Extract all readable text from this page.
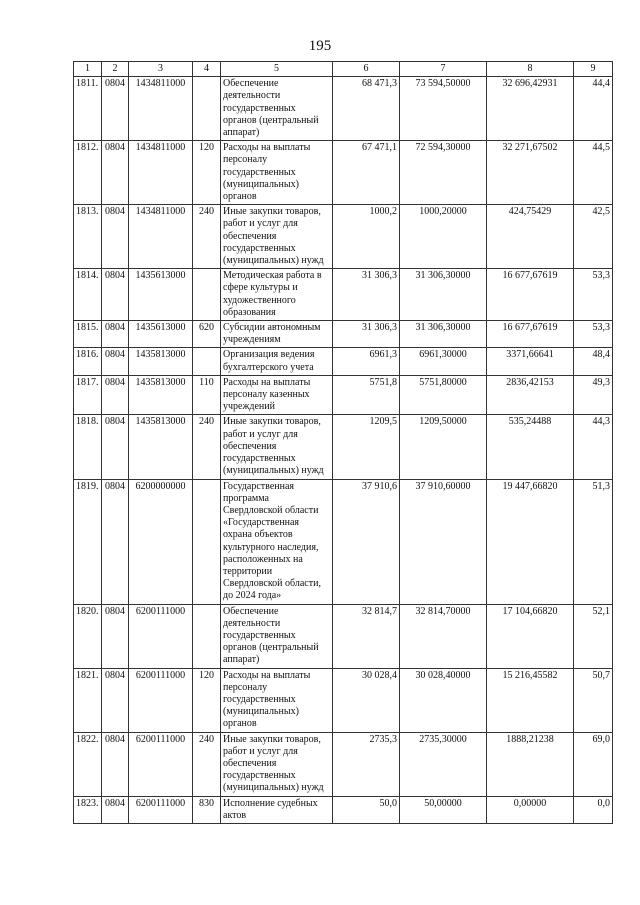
195
1	2	3	4	5	6	7	8	9
1811.	0804	1434811000		Обеспечение деятельности государственных органов (центральный аппарат)	68 471,3	73 594,50000	32 696,42931	44,4
1812.	0804	1434811000	120	Расходы на выплаты персоналу государственных (муниципальных) органов	67 471,1	72 594,30000	32 271,67502	44,5
1813.	0804	1434811000	240	Иные закупки товаров, работ и услуг для обеспечения государственных (муниципальных) нужд	1000,2	1000,20000	424,75429	42,5
1814.	0804	1435613000		Методическая работа в сфере культуры и художественного образования	31 306,3	31 306,30000	16 677,67619	53,3
1815.	0804	1435613000	620	Субсидии автономным учреждениям	31 306,3	31 306,30000	16 677,67619	53,3
1816.	0804	1435813000		Организация ведения бухгалтерского учета	6961,3	6961,30000	3371,66641	48,4
1817.	0804	1435813000	110	Расходы на выплаты персоналу казенных учреждений	5751,8	5751,80000	2836,42153	49,3
1818.	0804	1435813000	240	Иные закупки товаров, работ и услуг для обеспечения государственных (муниципальных) нужд	1209,5	1209,50000	535,24488	44,3
1819.	0804	6200000000		Государственная программа Свердловской области «Государственная охрана объектов культурного наследия, расположенных на территории Свердловской области, до 2024 года»	37 910,6	37 910,60000	19 447,66820	51,3
1820.	0804	6200111000		Обеспечение деятельности государственных органов (центральный аппарат)	32 814,7	32 814,70000	17 104,66820	52,1
1821.	0804	6200111000	120	Расходы на выплаты персоналу государственных (муниципальных) органов	30 028,4	30 028,40000	15 216,45582	50,7
1822.	0804	6200111000	240	Иные закупки товаров, работ и услуг для обеспечения государственных (муниципальных) нужд	2735,3	2735,30000	1888,21238	69,0
1823.	0804	6200111000	830	Исполнение судебных актов	50,0	50,00000	0,00000	0,0
